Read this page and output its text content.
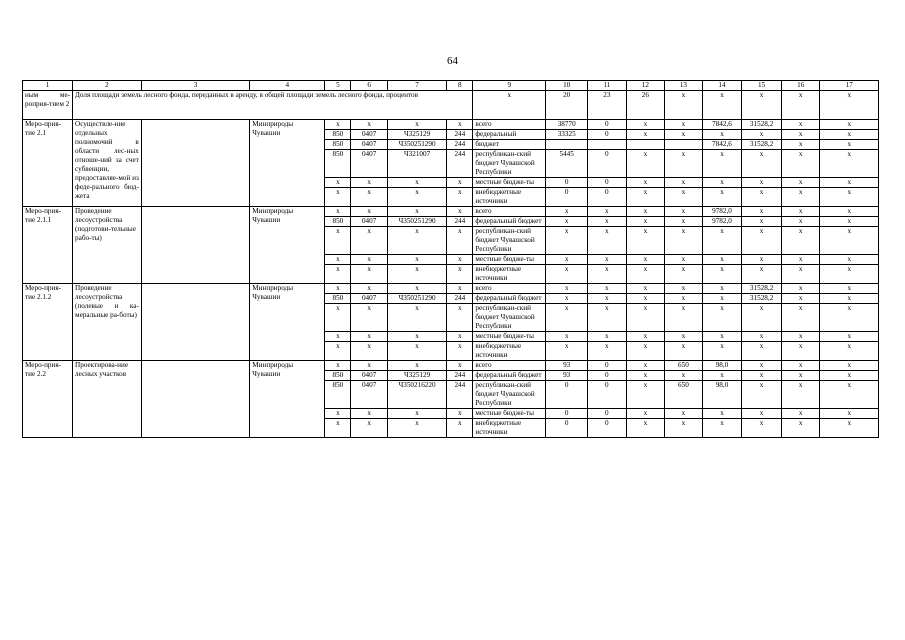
64
1	2	3	4	5	6	7	8	9	10	11	12	13	14	15	16	17
ным ме-роприя-тием 2	Доля площади земель лесного фонда, переданных в аренду, в общей площади земель лесного фонда, процентов							х	20	23	26	х	х	х	х	х
Меро-прия-тие 2.1	Осуществле-ние отдельных полномочий в области лес-ных отноше-ний за счет субвенции, предоставляе-мой из феде-рального бюд-жета		Минприроды Чувашии	х	х	х	х	всего	38770	0	х	х	7842,6	31528,2	х	х
				850	0407	Ч325129	244	федеральный	33325	0	х	х	х	х	х	х
				850	0407	Ч350251290	244	бюджет					7842,6	31528,2	х	х
				850	0407	Ч321007	244	республикан-ский бюджет Чувашской Республики	5445	0	х	х	х	х	х	х
				х	х	х	х	местные бюдже-ты	0	0	х	х	х	х	х	х
				х	х	х	х	внебюджетные источники	0	0	х	х	х	х	х	х
Меро-прия-тие 2.1.1	Проведение лесоустройства (подготови-тельные рабо-ты)		Минприроды Чувашии	х	х	х	х	всего	х	х	х	х	9782,0	х	х	х
				850	0407	Ч350251290	244	федеральный бюджет	х	х	х	х	9782,0	х	х	х
				х	х	х	х	республикан-ский бюджет Чувашской Республики	х	х	х	х	х	х	х	х
				х	х	х	х	местные бюдже-ты	х	х	х	х	х	х	х	х
				х	х	х	х	внебюджетные источники	х	х	х	х	х	х	х	х
Меро-прия-тие 2.1.2	Проведение лесоустройства (полевые и ка-меральные ра-боты)		Минприроды Чувашии	х	х	х	х	всего	х	х	х	х	х	31528,2	х	х
				850	0407	Ч350251290	244	федеральный бюджет	х	х	х	х	х	31528,2	х	х
				х	х	х	х	республикан-ский бюджет Чувашской Республики	х	х	х	х	х	х	х	х
				х	х	х	х	местные бюдже-ты	х	х	х	х	х	х	х	х
				х	х	х	х	внебюджетные источники	х	х	х	х	х	х	х	х
Меро-прия-тие 2.2	Проектирова-ние лесных участков		Минприроды Чувашии	х	х	х	х	всего	93	0	х	650	98,0	х	х	х
				850	0407	Ч325129	244	федеральный бюджет	93	0	х	х	х	х	х	х
				850	0407	Ч350216220	244	республикан-ский бюджет Чувашской Республики	0	0	х	650	98,0	х	х	х
				х	х	х	х	местные бюдже-ты	0	0	х	х	х	х	х	х
				х	х	х	х	внебюджетные источники	0	0	х	х	х	х	х	х
